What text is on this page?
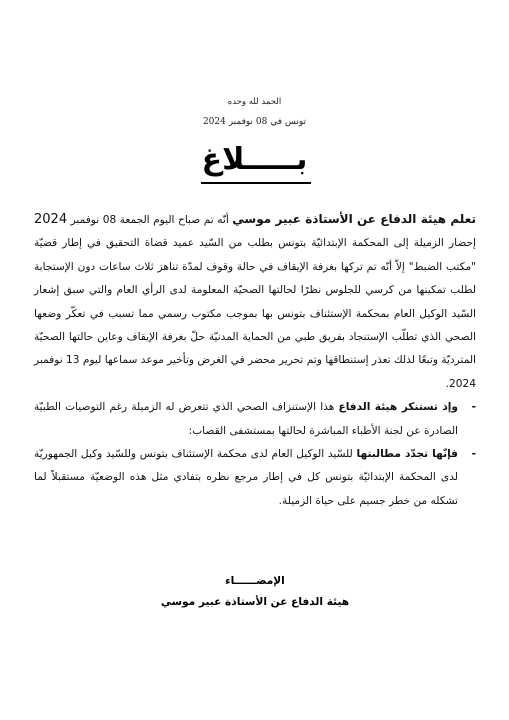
الحمد لله وحده
تونس في 08 نوفمبر 2024
بـــــلاغ

تعلم هيئة الدفاع عن الأستاذة عبير موسي أنّه تم صباح اليوم الجمعة 08 نوفمبر 2024 إحضار الزميلة إلى المحكمة الإبتدائيّة بتونس بطلب من السّيد عميد قضاة التحقيق في إطار قضيّة "مكتب الضبط" إلاّ أنّه تم تركها بغرفة الإيقاف في حالة وقوف لمدّة تناهز ثلاث ساعات دون الإستجابة لطلب تمكينها من كرسي للجلوس نظرًا لحالتها الصحيّة المعلومة لدى الرأي العام والتي سبق إشعار السّيد الوكيل العام بمحكمة الإستئناف بتونس بها بموجب مكتوب رسمي مما تسبب في تعكّر وضعها الصحي الذي تطلّب الإستنجاد بفريق طبي من الحماية المدنيّة حلّ بغرفة الإيقاف وعاين حالتها الصحيّة المترديّة وتبعًا لذلك تعذر إستنطاقها وتم تحرير محضر في الغرض وتأخير موعد سماعها ليوم 13 نوفمبر 2024.

-
وإذ تستنكر هيئة الدفاع هذا الإستنزاف الصحي الذي تتعرض له الزميلة رغم التوصيات الطبيّة الصادرة عن لجنة الأطباء المباشرة لحالتها بمستشفى القصاب:
-
فإنّها تجدّد مطالبتها للسّيد الوكيل العام لدى محكمة الإستئناف بتونس وللسّيد وكيل الجمهوريّة لدى المحكمة الإبتدائيّة بتونس كل في إطار مرجع نظره بتفادي مثل هذه الوضعيّة مستقبلاً لما تشكله من خطر جسيم على حياة الزميلة.
الإمضــــــاء
هيئة الدفاع عن الأستاذة عبير موسي
